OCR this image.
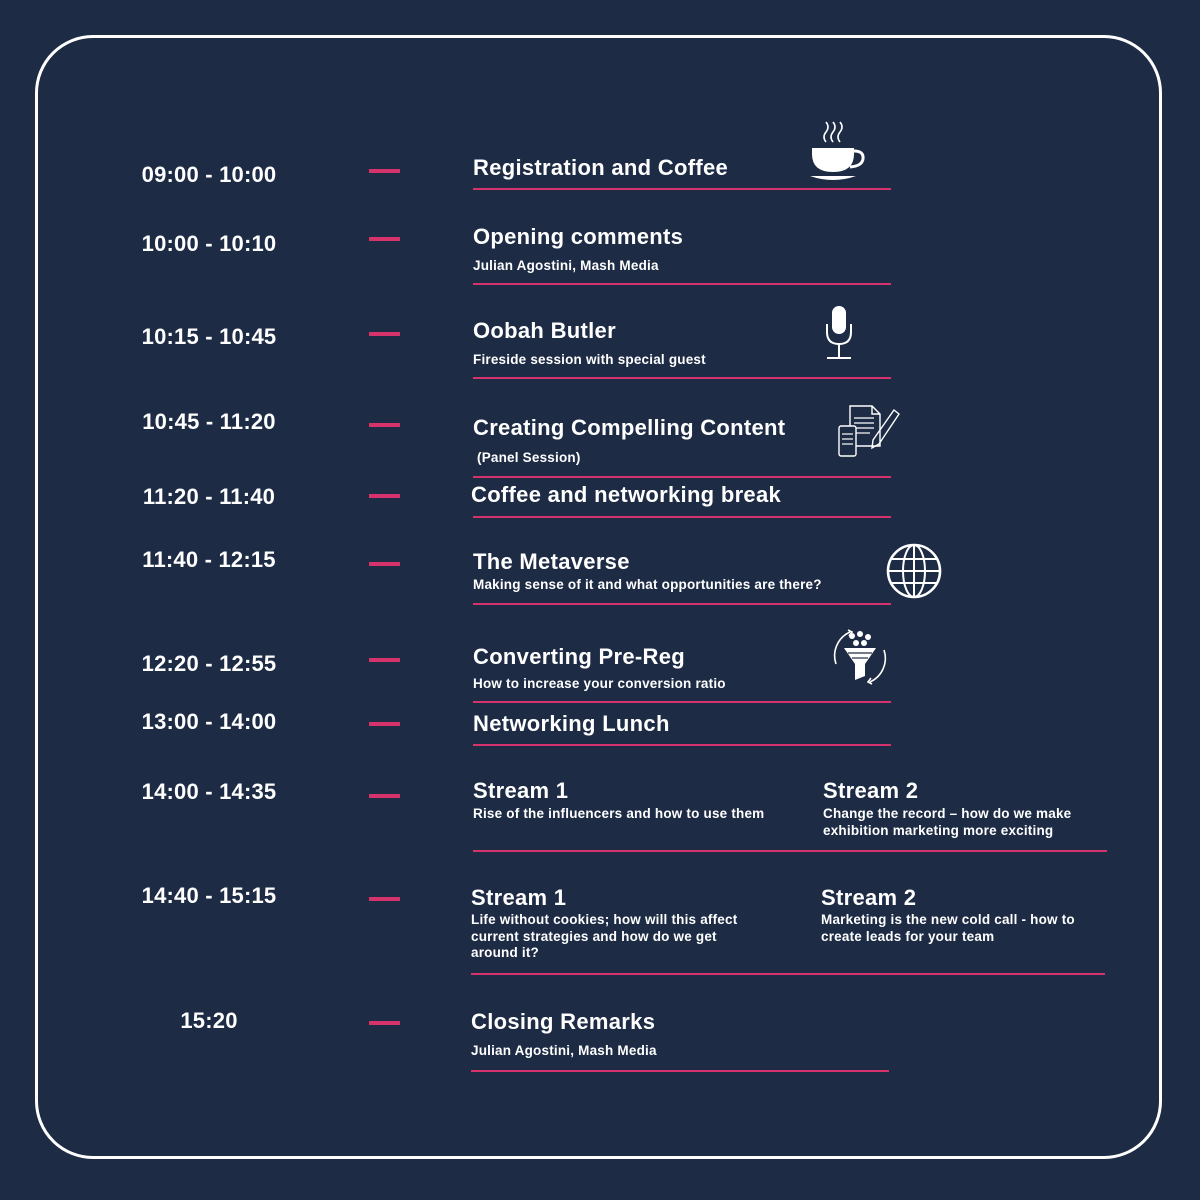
09:00 - 10:00	Registration and Coffee
10:00 - 10:10	Opening comments
Julian Agostini, Mash Media
10:15 - 10:45	Oobah Butler
Fireside session with special guest
10:45 - 11:20	Creating Compelling Content
(Panel Session)
11:20 - 11:40	Coffee and networking break
11:40 - 12:15	The Metaverse
Making sense of it and what opportunities are there?
12:20 - 12:55	Converting Pre-Reg
How to increase your conversion ratio
13:00 - 14:00	Networking Lunch
14:00 - 14:35	Stream 1
Rise of the influencers and how to use them
Stream 2
Change the record – how do we make exhibition marketing more exciting
14:40 - 15:15	Stream 1
Life without cookies; how will this affect current strategies and how do we get around it?
Stream 2
Marketing is the new cold call - how to create leads for your team
15:20	Closing Remarks
Julian Agostini, Mash Media
